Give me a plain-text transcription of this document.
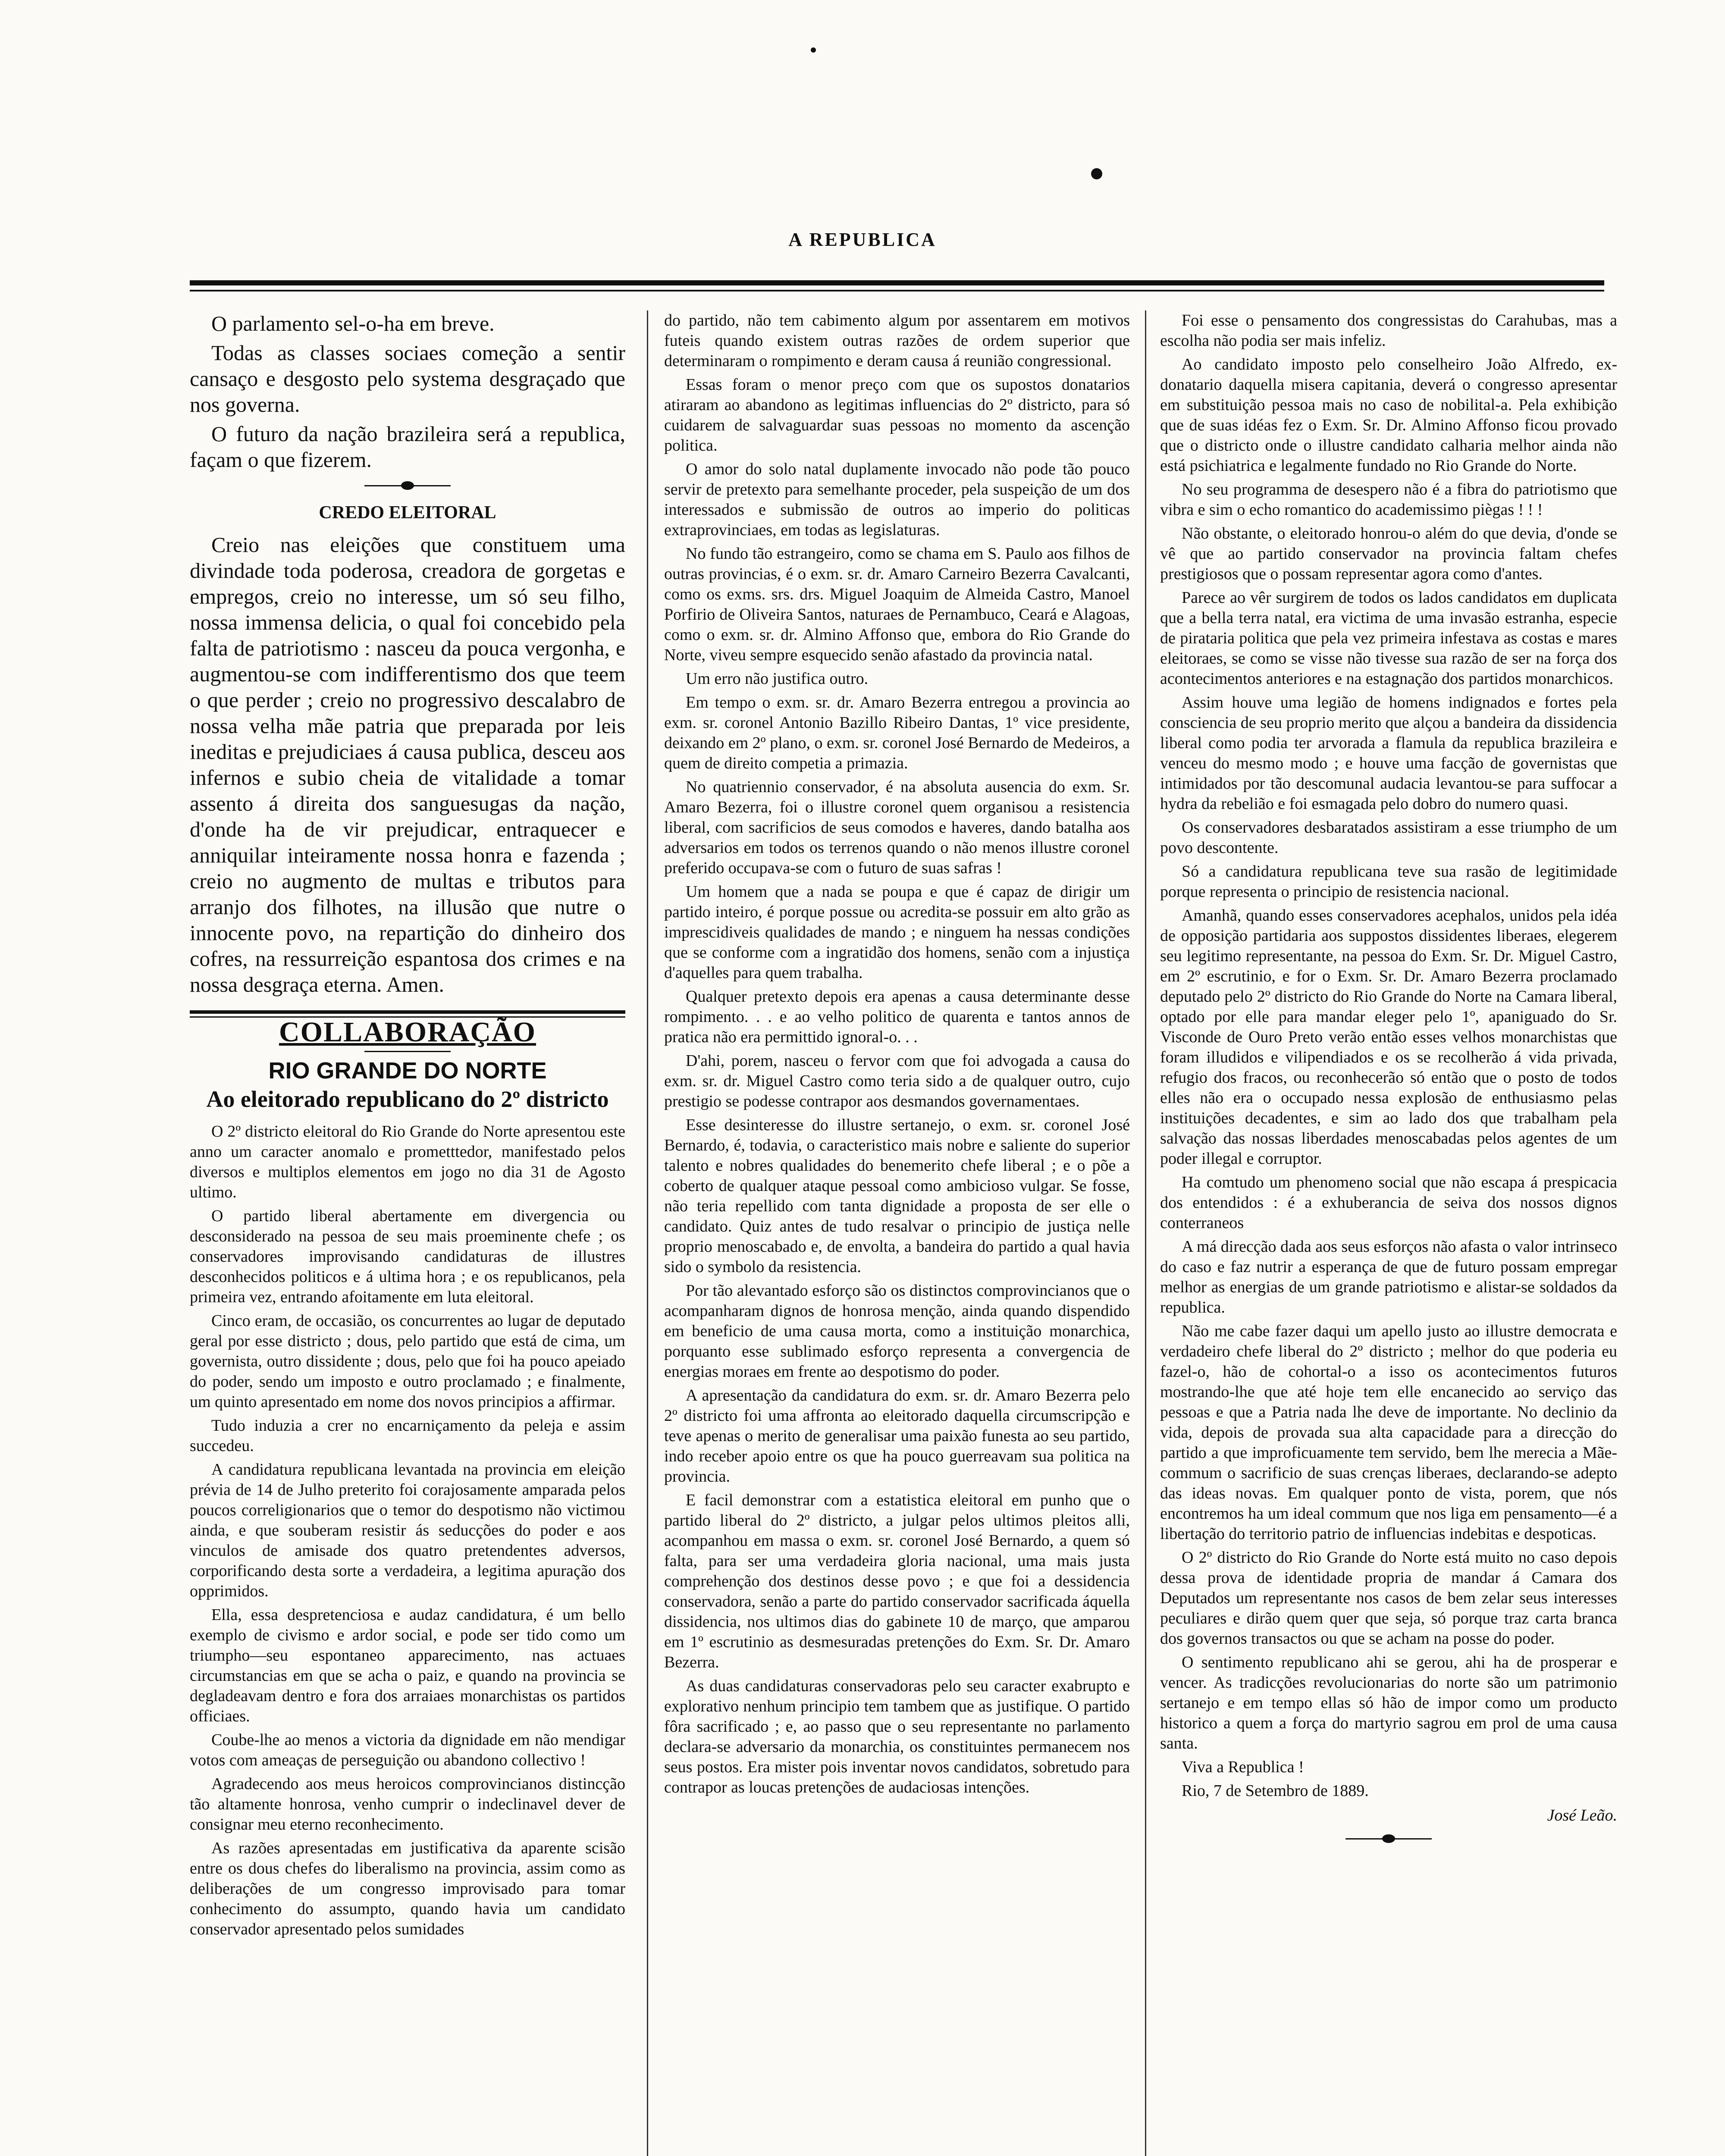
A REPUBLICA

O parlamento sel-o-ha em breve.

Todas as classes sociaes começão a sentir cansaço e desgosto pelo systema desgraçado que nos governa.

O futuro da nação brazileira será a republica, façam o que fizerem.

CREDO ELEITORAL

Creio nas eleições que constituem uma divindade toda poderosa, creadora de gorgetas e empregos, creio no interesse, um só seu filho, nossa immensa delicia, o qual foi concebido pela falta de patriotismo : nasceu da pouca vergonha, e augmentou-se com indifferentismo dos que teem o que perder ; creio no progressivo descalabro de nossa velha mãe patria que preparada por leis ineditas e prejudiciaes á causa publica, desceu aos infernos e subio cheia de vitalidade a tomar assento á direita dos sanguesugas da nação, d'onde ha de vir prejudicar, entraquecer e anniquilar inteiramente nossa honra e fazenda ; creio no augmento de multas e tributos para arranjo dos filhotes, na illusão que nutre o innocente povo, na repartição do dinheiro dos cofres, na ressurreição espantosa dos crimes e na nossa desgraça eterna. Amen.

COLLABORAÇÃO
RIO GRANDE DO NORTE
Ao eleitorado republicano do 2º districto

O 2º districto eleitoral do Rio Grande do Norte apresentou este anno um caracter anomalo e prometttedor, manifestado pelos diversos e multiplos elementos em jogo no dia 31 de Agosto ultimo.

O partido liberal abertamente em divergencia ou desconsiderado na pessoa de seu mais proeminente chefe ; os conservadores improvisando candidaturas de illustres desconhecidos politicos e á ultima hora ; e os republicanos, pela primeira vez, entrando afoitamente em luta eleitoral.

Cinco eram, de occasião, os concurrentes ao lugar de deputado geral por esse districto ; dous, pelo partido que está de cima, um governista, outro dissidente ; dous, pelo que foi ha pouco apeiado do poder, sendo um imposto e outro proclamado ; e finalmente, um quinto apresentado em nome dos novos principios a affirmar.

Tudo induzia a crer no encarniçamento da peleja e assim succedeu.

A candidatura republicana levantada na provincia em eleição prévia de 14 de Julho preterito foi corajosamente amparada pelos poucos correligionarios que o temor do despotismo não victimou ainda, e que souberam resistir ás seducções do poder e aos vinculos de amisade dos quatro pretendentes adversos, corporificando desta sorte a verdadeira, a legitima apuração dos opprimidos.

Ella, essa despretenciosa e audaz candidatura, é um bello exemplo de civismo e ardor social, e pode ser tido como um triumpho—seu espontaneo apparecimento, nas actuaes circumstancias em que se acha o paiz, e quando na provincia se degladeavam dentro e fora dos arraiaes monarchistas os partidos officiaes.

Coube-lhe ao menos a victoria da dignidade em não mendigar votos com ameaças de perseguição ou abandono collectivo !

Agradecendo aos meus heroicos comprovincianos distincção tão altamente honrosa, venho cumprir o indeclinavel dever de consignar meu eterno reconhecimento.

As razões apresentadas em justificativa da aparente scisão entre os dous chefes do liberalismo na provincia, assim como as deliberações de um congresso improvisado para tomar conhecimento do assumpto, quando havia um candidato conservador apresentado pelos sumidades

do partido, não tem cabimento algum por assentarem em motivos futeis quando existem outras razões de ordem superior que determinaram o rompimento e deram causa á reunião congressional.

Essas foram o menor preço com que os supostos donatarios atiraram ao abandono as legitimas influencias do 2º districto, para só cuidarem de salvaguardar suas pessoas no momento da ascenção politica.

O amor do solo natal duplamente invocado não pode tão pouco servir de pretexto para semelhante proceder, pela suspeição de um dos interessados e submissão de outros ao imperio do politicas extraprovinciaes, em todas as legislaturas.

No fundo tão estrangeiro, como se chama em S. Paulo aos filhos de outras provincias, é o exm. sr. dr. Amaro Carneiro Bezerra Cavalcanti, como os exms. srs. drs. Miguel Joaquim de Almeida Castro, Manoel Porfirio de Oliveira Santos, naturaes de Pernambuco, Ceará e Alagoas, como o exm. sr. dr. Almino Affonso que, embora do Rio Grande do Norte, viveu sempre esquecido senão afastado da provincia natal.

Um erro não justifica outro.

Em tempo o exm. sr. dr. Amaro Bezerra entregou a provincia ao exm. sr. coronel Antonio Bazillo Ribeiro Dantas, 1º vice presidente, deixando em 2º plano, o exm. sr. coronel José Bernardo de Medeiros, a quem de direito competia a primazia.

No quatriennio conservador, é na absoluta ausencia do exm. Sr. Amaro Bezerra, foi o illustre coronel quem organisou a resistencia liberal, com sacrificios de seus comodos e haveres, dando batalha aos adversarios em todos os terrenos quando o não menos illustre coronel preferido occupava-se com o futuro de suas safras !

Um homem que a nada se poupa e que é capaz de dirigir um partido inteiro, é porque possue ou acredita-se possuir em alto grão as imprescidiveis qualidades de mando ; e ninguem ha nessas condições que se conforme com a ingratidão dos homens, senão com a injustiça d'aquelles para quem trabalha.

Qualquer pretexto depois era apenas a causa determinante desse rompimento. . . e ao velho politico de quarenta e tantos annos de pratica não era permittido ignoral-o. . .

D'ahi, porem, nasceu o fervor com que foi advogada a causa do exm. sr. dr. Miguel Castro como teria sido a de qualquer outro, cujo prestigio se podesse contrapor aos desmandos governamentaes.

Esse desinteresse do illustre sertanejo, o exm. sr. coronel José Bernardo, é, todavia, o caracteristico mais nobre e saliente do superior talento e nobres qualidades do benemerito chefe liberal ; e o põe a coberto de qualquer ataque pessoal como ambicioso vulgar. Se fosse, não teria repellido com tanta dignidade a proposta de ser elle o candidato. Quiz antes de tudo resalvar o principio de justiça nelle proprio menoscabado e, de envolta, a bandeira do partido a qual havia sido o symbolo da resistencia.

Por tão alevantado esforço são os distinctos comprovincianos que o acompanharam dignos de honrosa menção, ainda quando dispendido em beneficio de uma causa morta, como a instituição monarchica, porquanto esse sublimado esforço representa a convergencia de energias moraes em frente ao despotismo do poder.

A apresentação da candidatura do exm. sr. dr. Amaro Bezerra pelo 2º districto foi uma affronta ao eleitorado daquella circumscripção e teve apenas o merito de generalisar uma paixão funesta ao seu partido, indo receber apoio entre os que ha pouco guerreavam sua politica na provincia.

E facil demonstrar com a estatistica eleitoral em punho que o partido liberal do 2º districto, a julgar pelos ultimos pleitos alli, acompanhou em massa o exm. sr. coronel José Bernardo, a quem só falta, para ser uma verdadeira gloria nacional, uma mais justa comprehenção dos destinos desse povo ; e que foi a dessidencia conservadora, senão a parte do partido conservador sacrificada áquella dissidencia, nos ultimos dias do gabinete 10 de março, que amparou em 1º escrutinio as desmesuradas pretenções do Exm. Sr. Dr. Amaro Bezerra.

As duas candidaturas conservadoras pelo seu caracter exabrupto e explorativo nenhum principio tem tambem que as justifique. O partido fôra sacrificado ; e, ao passo que o seu representante no parlamento declara-se adversario da monarchia, os constituintes permanecem nos seus postos. Era mister pois inventar novos candidatos, sobretudo para contrapor as loucas pretenções de audaciosas intenções.

Foi esse o pensamento dos congressistas do Carahubas, mas a escolha não podia ser mais infeliz.

Ao candidato imposto pelo conselheiro João Alfredo, ex-donatario daquella misera capitania, deverá o congresso apresentar em substituição pessoa mais no caso de nobilital-a. Pela exhibição que de suas idéas fez o Exm. Sr. Dr. Almino Affonso ficou provado que o districto onde o illustre candidato calharia melhor ainda não está psichiatrica e legalmente fundado no Rio Grande do Norte.

No seu programma de desespero não é a fibra do patriotismo que vibra e sim o echo romantico do academissimo piègas ! ! !

Não obstante, o eleitorado honrou-o além do que devia, d'onde se vê que ao partido conservador na provincia faltam chefes prestigiosos que o possam representar agora como d'antes.

Parece ao vêr surgirem de todos os lados candidatos em duplicata que a bella terra natal, era victima de uma invasão estranha, especie de pirataria politica que pela vez primeira infestava as costas e mares eleitoraes, se como se visse não tivesse sua razão de ser na força dos acontecimentos anteriores e na estagnação dos partidos monarchicos.

Assim houve uma legião de homens indignados e fortes pela consciencia de seu proprio merito que alçou a bandeira da dissidencia liberal como podia ter arvorada a flamula da republica brazileira e venceu do mesmo modo ; e houve uma facção de governistas que intimidados por tão descomunal audacia levantou-se para suffocar a hydra da rebelião e foi esmagada pelo dobro do numero quasi.

Os conservadores desbaratados assistiram a esse triumpho de um povo descontente.

Só a candidatura republicana teve sua rasão de legitimidade porque representa o principio de resistencia nacional.

Amanhã, quando esses conservadores acephalos, unidos pela idéa de opposição partidaria aos suppostos dissidentes liberaes, elegerem seu legitimo representante, na pessoa do Exm. Sr. Dr. Miguel Castro, em 2º escrutinio, e for o Exm. Sr. Dr. Amaro Bezerra proclamado deputado pelo 2º districto do Rio Grande do Norte na Camara liberal, optado por elle para mandar eleger pelo 1º, apaniguado do Sr. Visconde de Ouro Preto verão então esses velhos monarchistas que foram illudidos e vilipendiados e os se recolherão á vida privada, refugio dos fracos, ou reconhecerão só então que o posto de todos elles não era o occupado nessa explosão de enthusiasmo pelas instituições decadentes, e sim ao lado dos que trabalham pela salvação das nossas liberdades menoscabadas pelos agentes de um poder illegal e corruptor.

Ha comtudo um phenomeno social que não escapa á prespicacia dos entendidos : é a exhuberancia de seiva dos nossos dignos conterraneos

A má direcção dada aos seus esforços não afasta o valor intrinseco do caso e faz nutrir a esperança de que de futuro possam empregar melhor as energias de um grande patriotismo e alistar-se soldados da republica.

Não me cabe fazer daqui um apello justo ao illustre democrata e verdadeiro chefe liberal do 2º districto ; melhor do que poderia eu fazel-o, hão de cohortal-o a isso os acontecimentos futuros mostrando-lhe que até hoje tem elle encanecido ao serviço das pessoas e que a Patria nada lhe deve de importante. No declinio da vida, depois de provada sua alta capacidade para a direcção do partido a que improficuamente tem servido, bem lhe merecia a Mãe-commum o sacrificio de suas crenças liberaes, declarando-se adepto das ideas novas. Em qualquer ponto de vista, porem, que nós encontremos ha um ideal commum que nos liga em pensamento—é a libertação do territorio patrio de influencias indebitas e despoticas.

O 2º districto do Rio Grande do Norte está muito no caso depois dessa prova de identidade propria de mandar á Camara dos Deputados um representante nos casos de bem zelar seus interesses peculiares e dirão quem quer que seja, só porque traz carta branca dos governos transactos ou que se acham na posse do poder.

O sentimento republicano ahi se gerou, ahi ha de prosperar e vencer. As tradicções revolucionarias do norte são um patrimonio sertanejo e em tempo ellas só hão de impor como um producto historico a quem a força do martyrio sagrou em prol de uma causa santa.

Viva a Republica !

Rio, 7 de Setembro de 1889.

José Leão.
